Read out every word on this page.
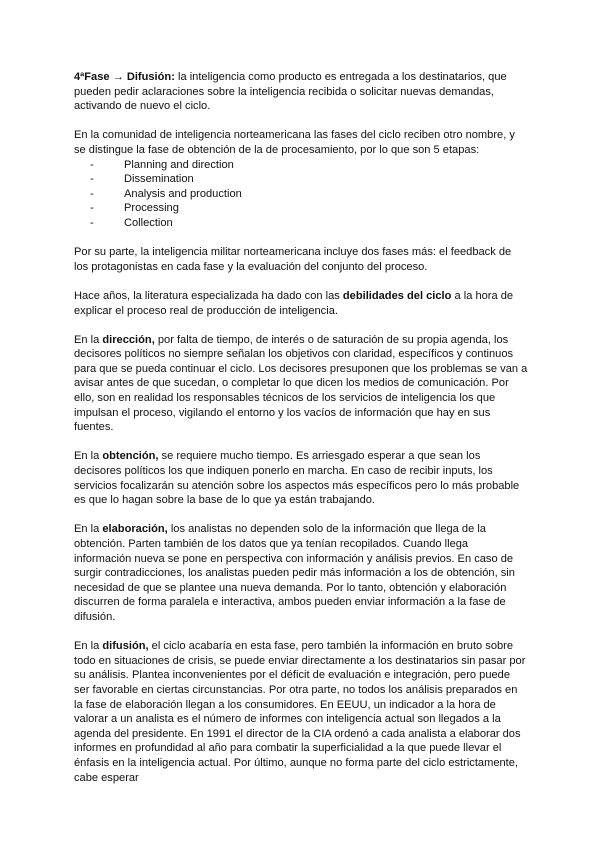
4ªFase → Difusión: la inteligencia como producto es entregada a los destinatarios, que pueden pedir aclaraciones sobre la inteligencia recibida o solicitar nuevas demandas, activando de nuevo el ciclo.

En la comunidad de inteligencia norteamericana las fases del ciclo reciben otro nombre, y se distingue la fase de obtención de la de procesamiento, por lo que son 5 etapas:

-	Planning and direction
-	Dissemination
-	Analysis and production
-	Processing
-	Collection

Por su parte, la inteligencia militar norteamericana incluye dos fases más: el feedback de los protagonistas en cada fase y la evaluación del conjunto del proceso.

Hace años, la literatura especializada ha dado con las debilidades del ciclo a la hora de explicar el proceso real de producción de inteligencia.

En la dirección, por falta de tiempo, de interés o de saturación de su propia agenda, los decisores políticos no siempre señalan los objetivos con claridad, específicos y continuos para que se pueda continuar el ciclo. Los decisores presuponen que los problemas se van a avisar antes de que sucedan, o completar lo que dicen los medios de comunicación. Por ello, son en realidad los responsables técnicos de los servicios de inteligencia los que impulsan el proceso, vigilando el entorno y los vacíos de información que hay en sus fuentes.

En la obtención, se requiere mucho tiempo. Es arriesgado esperar a que sean los decisores políticos los que indiquen ponerlo en marcha. En caso de recibir inputs, los servicios focalizarán su atención sobre los aspectos más específicos pero lo más probable es que lo hagan sobre la base de lo que ya están trabajando.

En la elaboración, los analistas no dependen solo de la información que llega de la obtención. Parten también de los datos que ya tenían recopilados. Cuando llega información nueva se pone en perspectiva con información y análisis previos. En caso de surgir contradicciones, los analistas pueden pedir más información a los de obtención, sin necesidad de que se plantee una nueva demanda. Por lo tanto, obtención y elaboración discurren de forma paralela e interactiva, ambos pueden enviar información a la fase de difusión.

En la difusión, el ciclo acabaría en esta fase, pero también la información en bruto sobre todo en situaciones de crisis, se puede enviar directamente a los destinatarios sin pasar por su análisis. Plantea inconvenientes por el déficit de evaluación e integración, pero puede ser favorable en ciertas circunstancias. Por otra parte, no todos los análisis preparados en la fase de elaboración llegan a los consumidores. En EEUU, un indicador a la hora de valorar a un analista es el número de informes con inteligencia actual son llegados a la agenda del presidente. En 1991 el director de la CIA ordenó a cada analista a elaborar dos informes en profundidad al año para combatir la superficialidad a la que puede llevar el énfasis en la inteligencia actual. Por último, aunque no forma parte del ciclo estrictamente, cabe esperar
